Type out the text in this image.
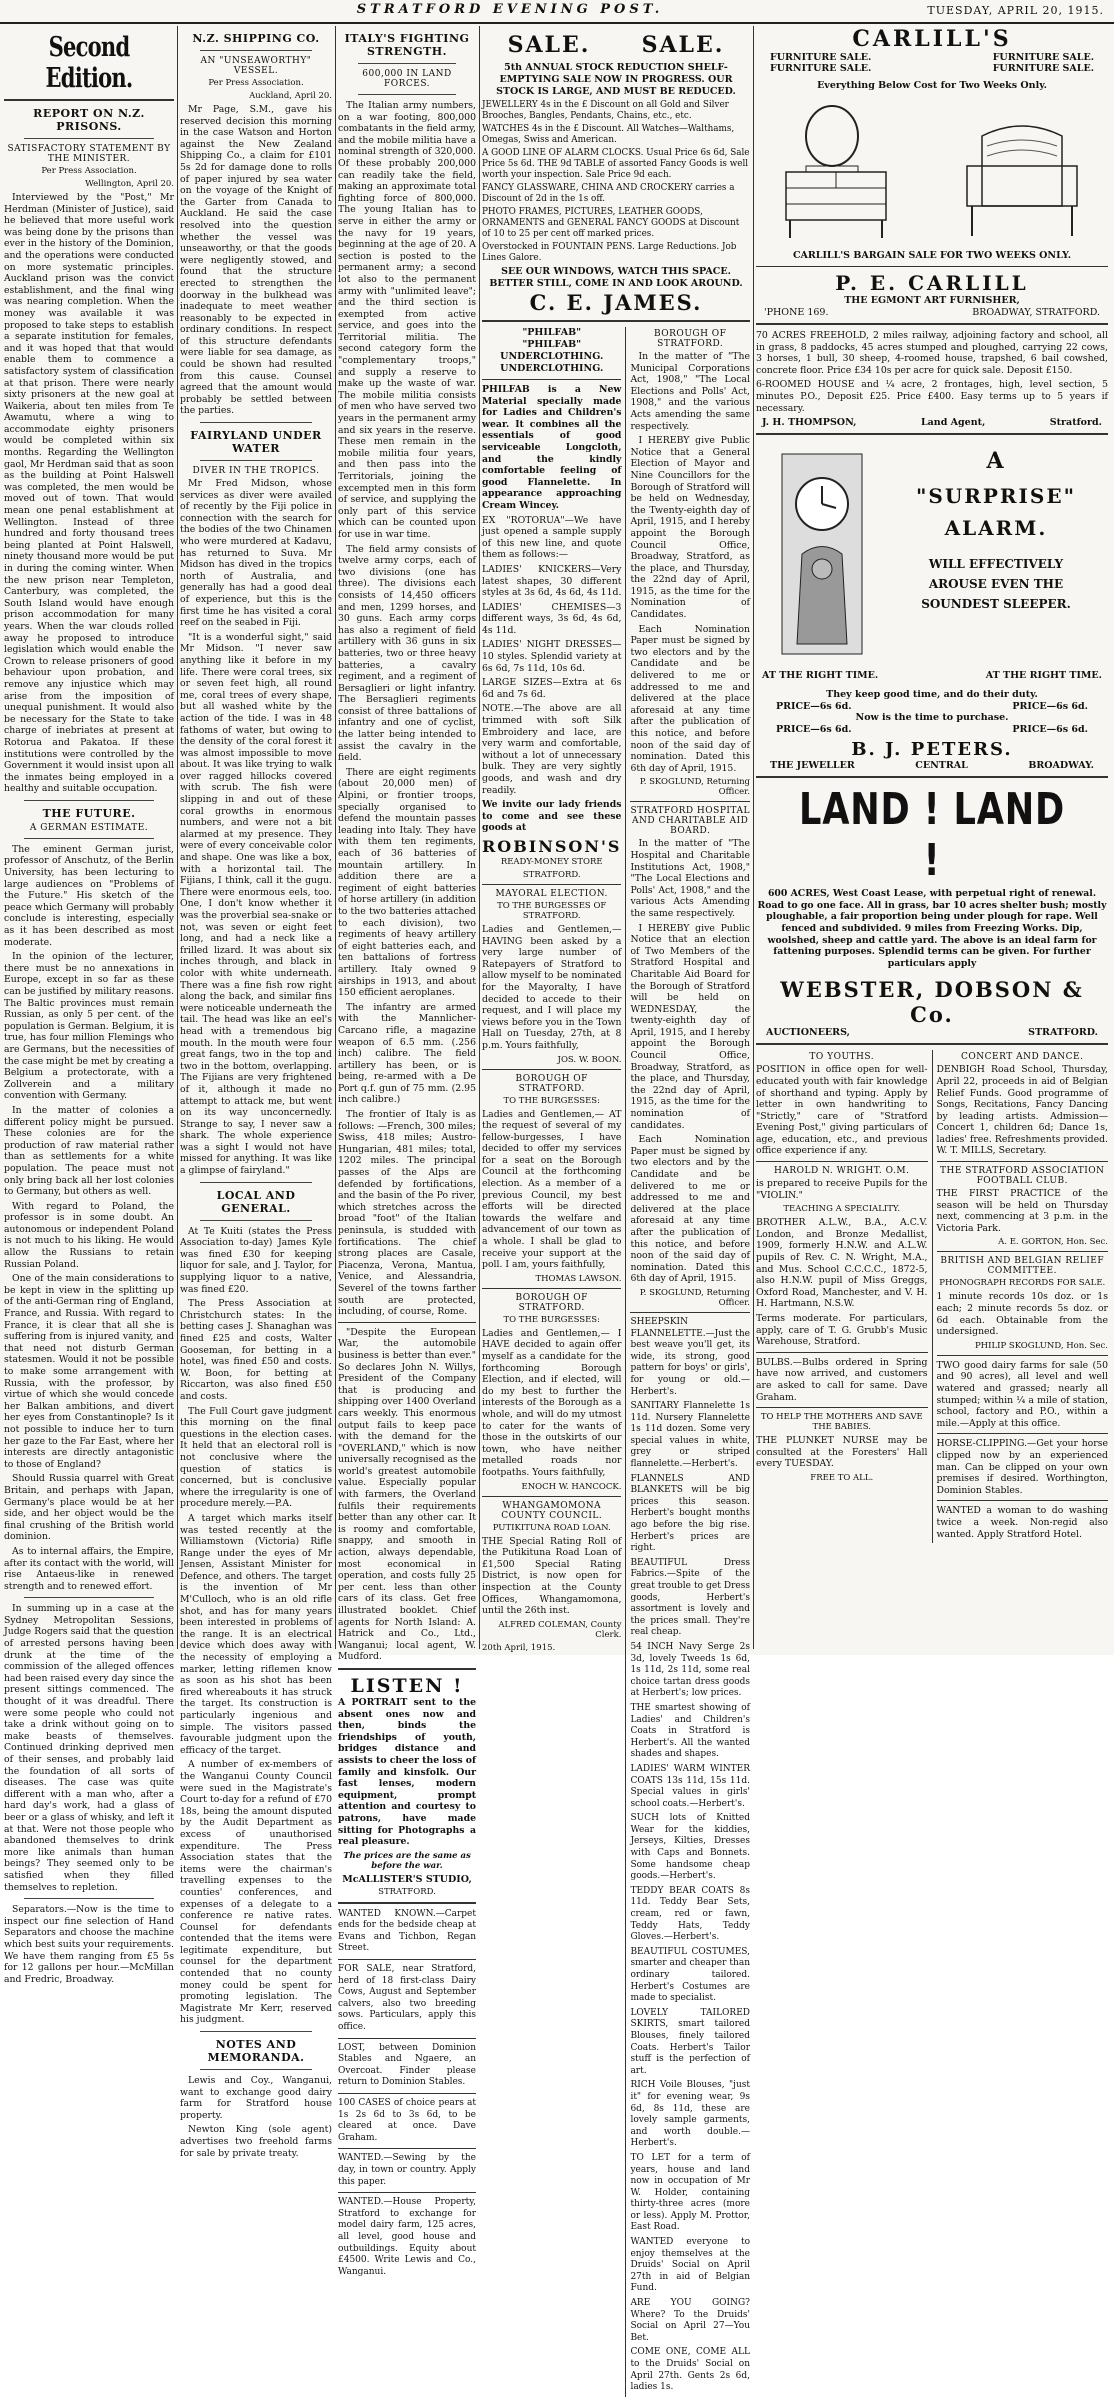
STRATFORD EVENING POST.	TUESDAY, APRIL 20, 1915.
Second Edition.
REPORT ON N.Z. PRISONS.
SATISFACTORY STATEMENT BY THE MINISTER.
Per Press Association.
Wellington, April 20.

Interviewed by the "Post," Mr Herdman (Minister of Justice), said he believed that more useful work was being done by the prisons than ever in the history of the Dominion, and the operations were conducted on more systematic principles. Auckland prison was the convict establishment, and the final wing was nearing completion. When the money was available it was proposed to take steps to establish a separate institution for females, and it was hoped that that would enable them to commence a satisfactory system of classification at that prison. There were nearly sixty prisoners at the new goal at Waikeria, about ten miles from Te Awamutu, where a wing to accommodate eighty prisoners would be completed within six months. Regarding the Wellington gaol, Mr Herdman said that as soon as the building at Point Halswell was completed, the men would be moved out of town. That would mean one penal establishment at Wellington. Instead of three hundred and forty thousand trees being planted at Point Halswell, ninety thousand more would be put in during the coming winter. When the new prison near Templeton, Canterbury, was completed, the South Island would have enough prison accommodation for many years. When the war clouds rolled away he proposed to introduce legislation which would enable the Crown to release prisoners of good behaviour upon probation, and remove any injustice which may arise from the imposition of unequal punishment. It would also be necessary for the State to take charge of inebriates at present at Rotorua and Pakatoa. If these institutions were controlled by the Government it would insist upon all the inmates being employed in a healthy and suitable occupation.

THE FUTURE.
A GERMAN ESTIMATE.

The eminent German jurist, professor of Anschutz, of the Berlin University, has been lecturing to large audiences on "Problems of the Future." His sketch of the peace which Germany will probably conclude is interesting, especially as it has been described as most moderate.

In the opinion of the lecturer, there must be no annexations in Europe, except in so far as these can be justified by military reasons. The Baltic provinces must remain Russian, as only 5 per cent. of the population is German. Belgium, it is true, has four million Flemings who are Germans, but the necessities of the case might be met by creating a Belgium a protectorate, with a Zollverein and a military convention with Germany.

In the matter of colonies a different policy might be pursued. These colonies are for the production of raw material rather than as settlements for a white population. The peace must not only bring back all her lost colonies to Germany, but others as well.

With regard to Poland, the professor is in some doubt. An autonomous or independent Poland is not much to his liking. He would allow the Russians to retain Russian Poland.

One of the main considerations to be kept in view in the splitting up of the anti-German ring of England, France, and Russia. With regard to France, it is clear that all she is suffering from is injured vanity, and that need not disturb German statesmen. Would it not be possible to make some arrangement with Russia, with the professor, by virtue of which she would concede her Balkan ambitions, and divert her eyes from Constantinople? Is it not possible to induce her to turn her gaze to the Far East, where her interests are directly antagonistic to those of England?

Should Russia quarrel with Great Britain, and perhaps with Japan, Germany's place would be at her side, and her object would be the final crushing of the British world dominion.

As to internal affairs, the Empire, after its contact with the world, will rise Antaeus-like in renewed strength and to renewed effort.

In summing up in a case at the Sydney Metropolitan Sessions, Judge Rogers said that the question of arrested persons having been drunk at the time of the commission of the alleged offences had been raised every day since the present sittings commenced. The thought of it was dreadful. There were some people who could not take a drink without going on to make beasts of themselves. Continued drinking deprived men of their senses, and probably laid the foundation of all sorts of diseases. The case was quite different with a man who, after a hard day's work, had a glass of beer or a glass of whisky, and left it at that. Were not those people who abandoned themselves to drink more like animals than human beings? They seemed only to be satisfied when they filled themselves to repletion.

Separators.—Now is the time to inspect our fine selection of Hand Separators and choose the machine which best suits your requirements. We have them ranging from £5 5s for 12 gallons per hour.—McMillan and Fredric, Broadway.

N.Z. SHIPPING CO.
AN "UNSEAWORTHY" VESSEL.
Per Press Association.
Auckland, April 20.

Mr Page, S.M., gave his reserved decision this morning in the case Watson and Horton against the New Zealand Shipping Co., a claim for £101 5s 2d for damage done to rolls of paper injured by sea water on the voyage of the Knight of the Garter from Canada to Auckland. He said the case resolved into the question whether the vessel was unseaworthy, or that the goods were negligently stowed, and found that the structure erected to strengthen the doorway in the bulkhead was inadequate to meet weather reasonably to be expected in ordinary conditions. In respect of this structure defendants were liable for sea damage, as could be shown had resulted from this cause. Counsel agreed that the amount would probably be settled between the parties.

FAIRYLAND UNDER WATER
DIVER IN THE TROPICS.

Mr Fred Midson, whose services as diver were availed of recently by the Fiji police in connection with the search for the bodies of the two Chinamen who were murdered at Kadavu, has returned to Suva. Mr Midson has dived in the tropics north of Australia, and generally has had a good deal of experience, but this is the first time he has visited a coral reef on the seabed in Fiji.

"It is a wonderful sight," said Mr Midson. "I never saw anything like it before in my life. There were coral trees, six or seven feet high, all round me, coral trees of every shape, but all washed white by the action of the tide. I was in 48 fathoms of water, but owing to the density of the coral forest it was almost impossible to move about. It was like trying to walk over ragged hillocks covered with scrub. The fish were slipping in and out of these coral growths in enormous numbers, and were not a bit alarmed at my presence. They were of every conceivable color and shape. One was like a box, with a horizontal tail. The Fijians, I think, call it the gugu. There were enormous eels, too. One, I don't know whether it was the proverbial sea-snake or not, was seven or eight feet long, and had a neck like a frilled lizard. It was about six inches through, and black in color with white underneath. There was a fine fish row right along the back, and similar fins were noticeable underneath the tail. The head was like an eel's head with a tremendous big mouth. In the mouth were four great fangs, two in the top and two in the bottom, overlapping. The Fijians are very frightened of it, although it made no attempt to attack me, but went on its way unconcernedly. Strange to say, I never saw a shark. The whole experience was a sight I would not have missed for anything. It was like a glimpse of fairyland."

LOCAL AND GENERAL.

At Te Kuiti (states the Press Association to-day) James Kyle was fined £30 for keeping liquor for sale, and J. Taylor, for supplying liquor to a native, was fined £20.

The Press Association at Christchurch states: In the betting cases J. Shanaghan was fined £25 and costs, Walter Gooseman, for betting in a hotel, was fined £50 and costs. W. Boon, for betting at Riccarton, was also fined £50 and costs.

The Full Court gave judgment this morning on the final questions in the election cases. It held that an electoral roll is not conclusive where the question of statics is concerned, but is conclusive where the irregularity is one of procedure merely.—P.A.

A target which marks itself was tested recently at the Williamstown (Victoria) Rifle Range under the eyes of Mr Jensen, Assistant Minister for Defence, and others. The target is the invention of Mr M'Culloch, who is an old rifle shot, and has for many years been interested in problems of the range. It is an electrical device which does away with the necessity of employing a marker, letting riflemen know as soon as his shot has been fired whereabouts it has struck the target. Its construction is particularly ingenious and simple. The visitors passed favourable judgment upon the efficacy of the target.

A number of ex-members of the Wanganui County Council were sued in the Magistrate's Court to-day for a refund of £70 18s, being the amount disputed by the Audit Department as excess of unauthorised expenditure. The Press Association states that the items were the chairman's travelling expenses to the counties' conferences, and expenses of a delegate to a conference re native rates. Counsel for defendants contended that the items were legitimate expenditure, but counsel for the department contended that no county money could be spent for promoting legislation. The Magistrate Mr Kerr, reserved his judgment.

NOTES AND MEMORANDA.

Lewis and Coy., Wanganui, want to exchange good dairy farm for Stratford house property.

Newton King (sole agent) advertises two freehold farms for sale by private treaty.

ITALY'S FIGHTING STRENGTH.
600,000 IN LAND FORCES.

The Italian army numbers, on a war footing, 800,000 combatants in the field army, and the mobile militia have a nominal strength of 320,000. Of these probably 200,000 can readily take the field, making an approximate total fighting force of 800,000. The young Italian has to serve in either the army or the navy for 19 years, beginning at the age of 20. A section is posted to the permanent army; a second lot also to the permanent army with "unlimited leave"; and the third section is exempted from active service, and goes into the Territorial militia. The second category form the "complementary troops," and supply a reserve to make up the waste of war. The mobile militia consists of men who have served two years in the permanent army and six years in the reserve. These men remain in the mobile militia four years, and then pass into the Territorials, joining the excempted men in this form of service, and supplying the only part of this service which can be counted upon for use in war time.

The field army consists of twelve army corps, each of two divisions (one has three). The divisions each consists of 14,450 officers and men, 1299 horses, and 30 guns. Each army corps has also a regiment of field artillery with 36 guns in six batteries, two or three heavy batteries, a cavalry regiment, and a regiment of Bersaglieri or light infantry. The Bersaglieri regiments consist of three battalions of infantry and one of cyclist, the latter being intended to assist the cavalry in the field.

There are eight regiments (about 20,000 men) of Alpini, or frontier troops, specially organised to defend the mountain passes leading into Italy. They have with them ten regiments, each of 36 batteries of mountain artillery. In addition there are a regiment of eight batteries of horse artillery (in addition to the two batteries attached to each division), two regiments of heavy artillery of eight batteries each, and ten battalions of fortress artillery. Italy owned 9 airships in 1913, and about 150 efficient aeroplanes.

The infantry are armed with the Mannlicher-Carcano rifle, a magazine weapon of 6.5 mm. (.256 inch) calibre. The field artillery has been, or is being, re-armed with a De Port q.f. gun of 75 mm. (2.95 inch calibre.)

The frontier of Italy is as follows: —French, 300 miles; Swiss, 418 miles; Austro-Hungarian, 481 miles; total, 1202 miles. The principal passes of the Alps are defended by fortifications, and the basin of the Po river, which stretches across the broad "foot" of the Italian peninsula, is studded with fortifications. The chief strong places are Casale, Piacenza, Verona, Mantua, Venice, and Alessandria, Severel of the towns farther south are protected, including, of course, Rome.

"Despite the European War, the automobile business is better than ever." So declares John N. Willys, President of the Company that is producing and shipping over 1400 Overland cars weekly. This enormous output fails to keep pace with the demand for the "OVERLAND," which is now universally recognised as the world's greatest automobile value. Especially popular with farmers, the Overland fulfils their requirements better than any other car. It is roomy and comfortable, snappy, and smooth in action, always dependable, most economical in operation, and costs fully 25 per cent. less than other cars of its class. Get free illustrated booklet. Chief agents for North Island: A. Hatrick and Co., Ltd., Wanganui; local agent, W. Mudford.

LISTEN !

A PORTRAIT sent to the absent ones now and then, binds the friendships of youth, bridges distance and assists to cheer the loss of family and kinsfolk. Our fast lenses, modern equipment, prompt attention and courtesy to patrons, have made sitting for Photographs a real pleasure.

The prices are the same as before the war.
McALLISTER'S STUDIO,
STRATFORD.

WANTED KNOWN.—Carpet ends for the bedside cheap at Evans and Tichbon, Regan Street.

FOR SALE, near Stratford, herd of 18 first-class Dairy Cows, August and September calvers, also two breeding sows. Particulars, apply this office.

LOST, between Dominion Stables and Ngaere, an Overcoat. Finder please return to Dominion Stables.

100 CASES of choice pears at 1s 2s 6d to 3s 6d, to be cleared at once. Dave Graham.

WANTED.—Sewing by the day, in town or country. Apply this paper.

WANTED.—House Property, Stratford to exchange for model dairy farm, 125 acres, all level, good house and outbuildings. Equity about £4500. Write Lewis and Co., Wanganui.

SALE. SALE.
5th ANNUAL STOCK REDUCTION SHELF-EMPTYING SALE NOW IN PROGRESS. OUR STOCK IS LARGE, AND MUST BE REDUCED.

JEWELLERY 4s in the £ Discount on all Gold and Silver Brooches, Bangles, Pendants, Chains, etc., etc.

WATCHES 4s in the £ Discount. All Watches—Walthams, Omegas, Swiss and American.

A GOOD LINE OF ALARM CLOCKS. Usual Price 6s 6d, Sale Price 5s 6d. THE 9d TABLE of assorted Fancy Goods is well worth your inspection. Sale Price 9d each.

FANCY GLASSWARE, CHINA AND CROCKERY carries a Discount of 2d in the 1s off.

PHOTO FRAMES, PICTURES, LEATHER GOODS, ORNAMENTS and GENERAL FANCY GOODS at Discount of 10 to 25 per cent off marked prices.

Overstocked in FOUNTAIN PENS. Large Reductions. Job Lines Galore.

SEE OUR WINDOWS, WATCH THIS SPACE. BETTER STILL, COME IN AND LOOK AROUND.
C. E. JAMES.
"PHILFAB"
"PHILFAB"
UNDERCLOTHING.
UNDERCLOTHING.

PHILFAB is a New Material specially made for Ladies and Children's wear. It combines all the essentials of good serviceable Longcloth, and the kindly comfortable feeling of good Flannelette. In appearance approaching Cream Wincey.

EX "ROTORUA"—We have just opened a sample supply of this new line, and quote them as follows:—

LADIES' KNICKERS—Very latest shapes, 30 different styles at 3s 6d, 4s 6d, 4s 11d.

LADIES' CHEMISES—3 different ways, 3s 6d, 4s 6d, 4s 11d.

LADIES' NIGHT DRESSES—10 styles. Splendid variety at 6s 6d, 7s 11d, 10s 6d.

LARGE SIZES—Extra at 6s 6d and 7s 6d.

NOTE.—The above are all trimmed with soft Silk Embroidery and lace, are very warm and comfortable, without a lot of unnecessary bulk. They are very sightly goods, and wash and dry readily.

We invite our lady friends to come and see these goods at

ROBINSON'S
READY-MONEY STORE
STRATFORD.
MAYORAL ELECTION.
TO THE BURGESSES OF STRATFORD.

Ladies and Gentlemen,— HAVING been asked by a very large number of Ratepayers of Stratford to allow myself to be nominated for the Mayoralty, I have decided to accede to their request, and I will place my views before you in the Town Hall on Tuesday, 27th, at 8 p.m. Yours faithfully,

JOS. W. BOON.
BOROUGH OF STRATFORD.
TO THE BURGESSES:

Ladies and Gentlemen,— AT the request of several of my fellow-burgesses, I have decided to offer my services for a seat on the Borough Council at the forthcoming election. As a member of a previous Council, my best efforts will be directed towards the welfare and advancement of our town as a whole. I shall be glad to receive your support at the poll. I am, yours faithfully,

THOMAS LAWSON.
BOROUGH OF STRATFORD.
TO THE BURGESSES:

Ladies and Gentlemen,— I HAVE decided to again offer myself as a candidate for the forthcoming Borough Election, and if elected, will do my best to further the interests of the Borough as a whole, and will do my utmost to cater for the wants of those in the outskirts of our town, who have neither metalled roads nor footpaths. Yours faithfully,

ENOCH W. HANCOCK.
WHANGAMOMONA COUNTY COUNCIL.
PUTIKITUNA ROAD LOAN.

THE Special Rating Roll of the Putikituna Road Loan of £1,500 Special Rating District, is now open for inspection at the County Offices, Whangamomona, until the 26th inst.

ALFRED COLEMAN, County Clerk.
20th April, 1915.
BOROUGH OF STRATFORD.

In the matter of "The Municipal Corporations Act, 1908," "The Local Elections and Polls' Act, 1908," and the various Acts amending the same respectively.

I HEREBY give Public Notice that a General Election of Mayor and Nine Councillors for the Borough of Stratford will be held on Wednesday, the Twenty-eighth day of April, 1915, and I hereby appoint the Borough Council Office, Broadway, Stratford, as the place, and Thursday, the 22nd day of April, 1915, as the time for the Nomination of Candidates.

Each Nomination Paper must be signed by two electors and by the Candidate and be delivered to me or addressed to me and delivered at the place aforesaid at any time after the publication of this notice, and before noon of the said day of nomination. Dated this 6th day of April, 1915.

P. SKOGLUND, Returning Officer.
STRATFORD HOSPITAL AND CHARITABLE AID BOARD.

In the matter of "The Hospital and Charitable Institutions Act, 1908," "The Local Elections and Polls' Act, 1908," and the various Acts Amending the same respectively.

I HEREBY give Public Notice that an election of Two Members of the Stratford Hospital and Charitable Aid Board for the Borough of Stratford will be held on WEDNESDAY, the twenty-eighth day of April, 1915, and I hereby appoint the Borough Council Office, Broadway, Stratford, as the place, and Thursday, the 22nd day of April, 1915, as the time for the nomination of candidates.

Each Nomination Paper must be signed by two electors and by the Candidate and be delivered to me or addressed to me and delivered at the place aforesaid at any time after the publication of this notice, and before noon of the said day of nomination. Dated this 6th day of April, 1915.

P. SKOGLUND, Returning Officer.

SHEEPSKIN FLANNELETTE.—Just the best weave you'll get, its wide, its strong, good pattern for boys' or girls', for young or old.—Herbert's.

SANITARY Flannelette 1s 11d. Nursery Flannelette 1s 11d dozen. Some very special values in white, grey or striped flannelette.—Herbert's.

FLANNELS AND BLANKETS will be big prices this season. Herbert's bought months ago before the big rise. Herbert's prices are right.

BEAUTIFUL Dress Fabrics.—Spite of the great trouble to get Dress goods, Herbert's assortment is lovely and the prices small. They're real cheap.

54 INCH Navy Serge 2s 3d, lovely Tweeds 1s 6d, 1s 11d, 2s 11d, some real choice tartan dress goods at Herbert's; low prices.

THE smartest showing of Ladies' and Children's Coats in Stratford is Herbert's. All the wanted shades and shapes.

LADIES' WARM WINTER COATS 13s 11d, 15s 11d. Special values in girls' school coats.—Herbert's.

SUCH lots of Knitted Wear for the kiddies, Jerseys, Kilties, Dresses with Caps and Bonnets. Some handsome cheap goods.—Herbert's.

TEDDY BEAR COATS 8s 11d. Teddy Bear Sets, cream, red or fawn, Teddy Hats, Teddy Gloves.—Herbert's.

BEAUTIFUL COSTUMES, smarter and cheaper than ordinary tailored. Herbert's Costumes are made to specialist.

LOVELY TAILORED SKIRTS, smart tailored Blouses, finely tailored Coats. Herbert's Tailor stuff is the perfection of art.

RICH Voile Blouses, "just it" for evening wear, 9s 6d, 8s 11d, these are lovely sample garments, and worth double.—Herbert's.

TO LET for a term of years, house and land now in occupation of Mr W. Holder, containing thirty-three acres (more or less). Apply M. Prottor, East Road.

WANTED everyone to enjoy themselves at the Druids' Social on April 27th in aid of Belgian Fund.

ARE YOU GOING? Where? To the Druids' Social on April 27—You Bet.

COME ONE, COME ALL to the Druids' Social on April 27th. Gents 2s 6d, ladies 1s.

CARLILL'S
FURNITURE SALE.	FURNITURE SALE.
FURNITURE SALE.	FURNITURE SALE.
Everything Below Cost for Two Weeks Only.
CARLILL'S BARGAIN SALE FOR TWO WEEKS ONLY.
P. E. CARLILL
THE EGMONT ART FURNISHER,
'PHONE 169.	BROADWAY, STRATFORD.

70 ACRES FREEHOLD, 2 miles railway, adjoining factory and school, all in grass, 8 paddocks, 45 acres stumped and ploughed, carrying 22 cows, 3 horses, 1 bull, 30 sheep, 4-roomed house, trapshed, 6 bail cowshed, concrete floor. Price £34 10s per acre for quick sale. Deposit £150.

6-ROOMED HOUSE and ¼ acre, 2 frontages, high, level section, 5 minutes P.O., Deposit £25. Price £400. Easy terms up to 5 years if necessary.

J. H. THOMPSON,	Land Agent,	Stratford.
A
"SURPRISE"
ALARM.
WILL EFFECTIVELY
AROUSE EVEN THE
SOUNDEST SLEEPER.
AT THE RIGHT TIME.	AT THE RIGHT TIME.
They keep good time, and do their duty.
PRICE—6s 6d.	PRICE—6s 6d.
Now is the time to purchase.
PRICE—6s 6d.	PRICE—6s 6d.
B. J. PETERS.
THE JEWELLER	CENTRAL	BROADWAY.
LAND ! LAND !

600 ACRES, West Coast Lease, with perpetual right of renewal. Road to go one face. All in grass, bar 10 acres shelter bush; mostly ploughable, a fair proportion being under plough for rape. Well fenced and subdivided. 9 miles from Freezing Works. Dip, woolshed, sheep and cattle yard. The above is an ideal farm for fattening purposes. Splendid terms can be given. For further particulars apply

WEBSTER, DOBSON & Co.
AUCTIONEERS,	STRATFORD.
TO YOUTHS.

POSITION in office open for well-educated youth with fair knowledge of shorthand and typing. Apply by letter in own handwriting to "Strictly," care of "Stratford Evening Post," giving particulars of age, education, etc., and previous office experience if any.

HAROLD N. WRIGHT. O.M.

is prepared to receive Pupils for the "VIOLIN."

TEACHING A SPECIALITY.

BROTHER A.L.W., B.A., A.C.V. London, and Bronze Medallist, 1909, formerly H.N.W. and A.L.W. pupils of Rev. C. N. Wright, M.A., and Mus. School C.C.C.C., 1872-5, also H.N.W. pupil of Miss Greggs, Oxford Road, Manchester, and V. H. H. Hartmann, N.S.W.

Terms moderate. For particulars, apply, care of T. G. Grubb's Music Warehouse, Stratford.

BULBS.—Bulbs ordered in Spring have now arrived, and customers are asked to call for same. Dave Graham.

TO HELP THE MOTHERS AND SAVE THE BABIES.

THE PLUNKET NURSE may be consulted at the Foresters' Hall every TUESDAY.

FREE TO ALL.
CONCERT AND DANCE.

DENBIGH Road School, Thursday, April 22, proceeds in aid of Belgian Relief Funds. Good programme of Songs, Recitations, Fancy Dancing by leading artists. Admission—Concert 1, children 6d; Dance 1s, ladies' free. Refreshments provided. W. T. MILLS, Secretary.

THE STRATFORD ASSOCIATION FOOTBALL CLUB.

THE FIRST PRACTICE of the season will be held on Thursday next, commencing at 3 p.m. in the Victoria Park.

A. E. GORTON, Hon. Sec.
BRITISH AND BELGIAN RELIEF COMMITTEE.
PHONOGRAPH RECORDS FOR SALE.

1 minute records 10s doz. or 1s each; 2 minute records 5s doz. or 6d each. Obtainable from the undersigned.

PHILIP SKOGLUND, Hon. Sec.

TWO good dairy farms for sale (50 and 90 acres), all level and well watered and grassed; nearly all stumped; within ¼ a mile of station, school, factory and P.O., within a mile.—Apply at this office.

HORSE-CLIPPING.—Get your horse clipped now by an experienced man. Can be clipped on your own premises if desired. Worthington, Dominion Stables.

WANTED a woman to do washing twice a week. Non-regid also wanted. Apply Stratford Hotel.
